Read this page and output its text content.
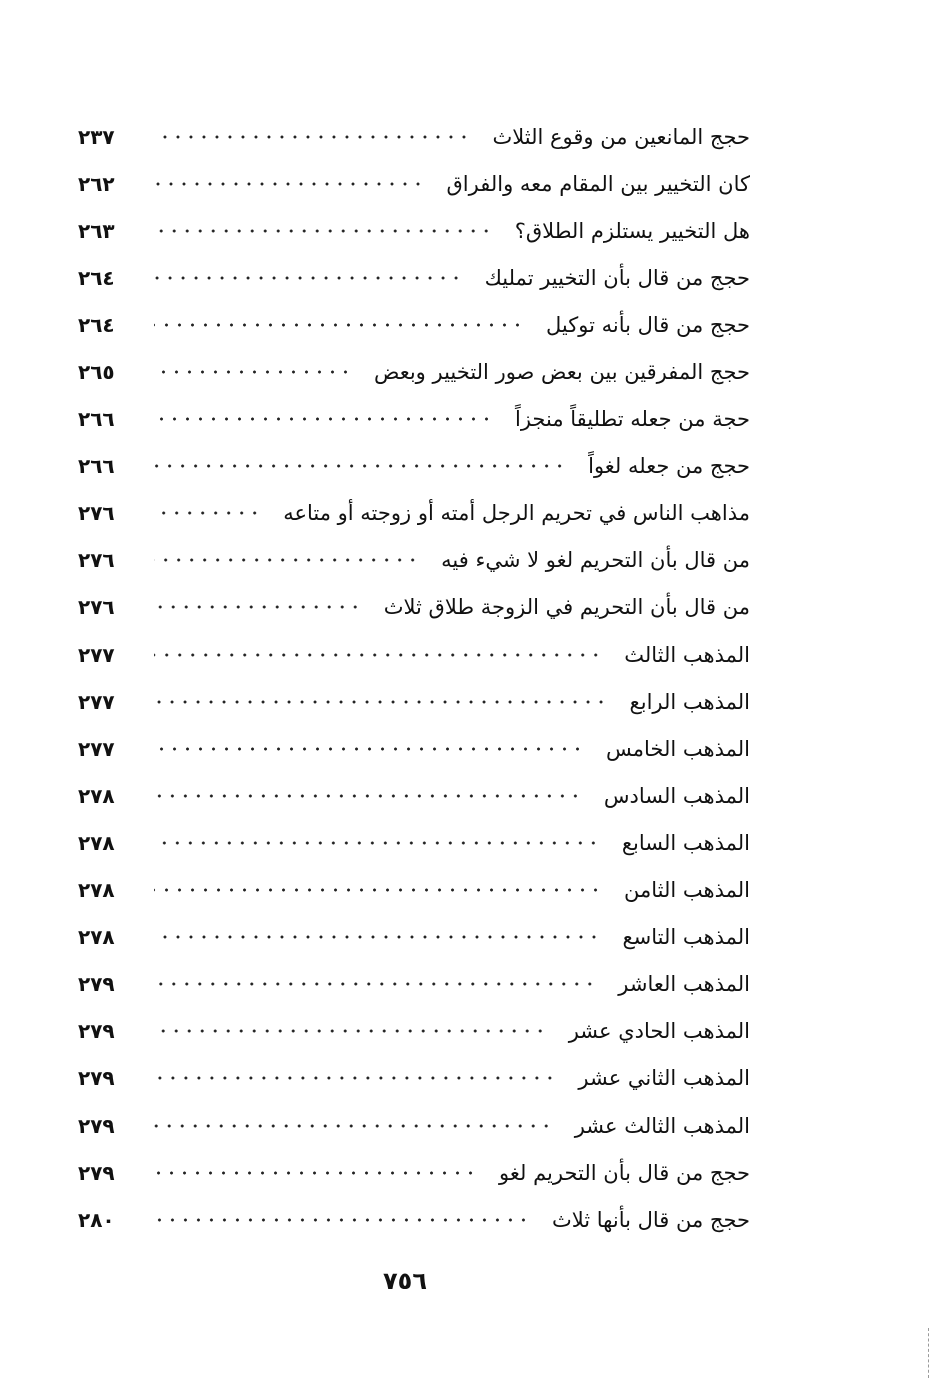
حجج المانعين من وقوع الثلاث
٢٣٧
كان التخيير بين المقام معه والفراق
٢٦٢
هل التخيير يستلزم الطلاق؟
٢٦٣
حجج من قال بأن التخيير تمليك
٢٦٤
حجج من قال بأنه توكيل
٢٦٤
حجج المفرقين بين بعض صور التخيير وبعض
٢٦٥
حجة من جعله تطليقاً منجزاً
٢٦٦
حجج من جعله لغواً
٢٦٦
مذاهب الناس في تحريم الرجل أمته أو زوجته أو متاعه
٢٧٦
من قال بأن التحريم لغو لا شيء فيه
٢٧٦
من قال بأن التحريم في الزوجة طلاق ثلاث
٢٧٦
المذهب الثالث
٢٧٧
المذهب الرابع
٢٧٧
المذهب الخامس
٢٧٧
المذهب السادس
٢٧٨
المذهب السابع
٢٧٨
المذهب الثامن
٢٧٨
المذهب التاسع
٢٧٨
المذهب العاشر
٢٧٩
المذهب الحادي عشر
٢٧٩
المذهب الثاني عشر
٢٧٩
المذهب الثالث عشر
٢٧٩
حجج من قال بأن التحريم لغو
٢٧٩
حجج من قال بأنها ثلاث
٢٨٠
٧٥٦
